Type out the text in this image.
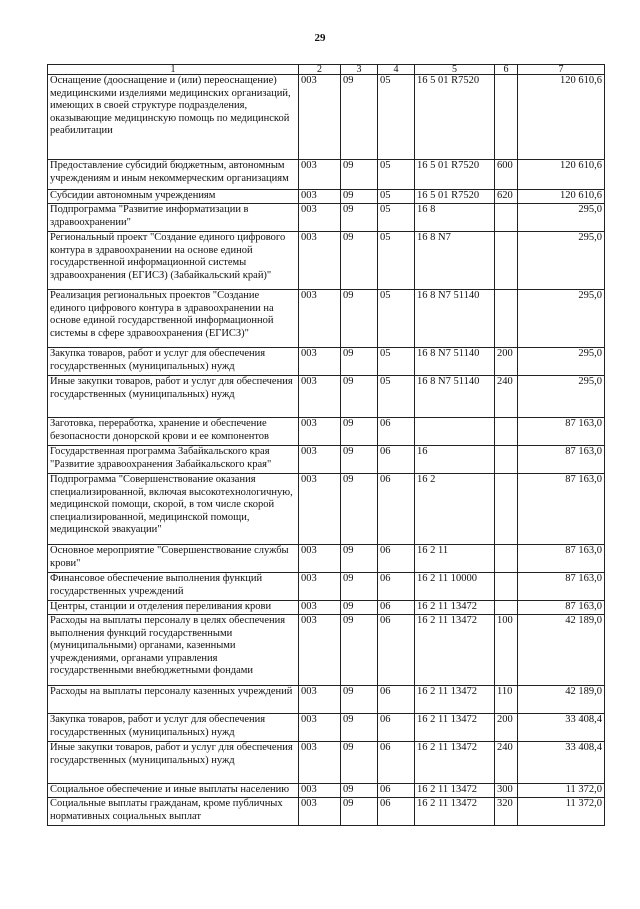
29
1	2	3	4	5	6	7
Оснащение (дооснащение и (или) переоснащение) медицинскими изделиями медицинских организаций, имеющих в своей структуре подразделения, оказывающие медицинскую помощь по медицинской реабилитации	003	09	05	16 5 01 R7520		120 610,6
Предоставление субсидий бюджетным, автономным учреждениям и иным некоммерческим организациям	003	09	05	16 5 01 R7520	600	120 610,6
Субсидии автономным учреждениям	003	09	05	16 5 01 R7520	620	120 610,6
Подпрограмма "Развитие информатизации в здравоохранении"	003	09	05	16 8		295,0
Региональный проект "Создание единого цифрового контура в здравоохранении на основе единой государственной информационной системы здравоохранения (ЕГИСЗ) (Забайкальский край)"	003	09	05	16 8 N7		295,0
Реализация региональных проектов "Создание единого цифрового контура в здравоохранении на основе единой государственной информационной системы в сфере здравоохранения (ЕГИСЗ)"	003	09	05	16 8 N7 51140		295,0
Закупка товаров, работ и услуг для обеспечения государственных (муниципальных) нужд	003	09	05	16 8 N7 51140	200	295,0
Иные закупки товаров, работ и услуг для обеспечения государственных (муниципальных) нужд	003	09	05	16 8 N7 51140	240	295,0
Заготовка, переработка, хранение и обеспечение безопасности донорской крови и ее компонентов	003	09	06			87 163,0
Государственная программа Забайкальского края "Развитие здравоохранения Забайкальского края"	003	09	06	16		87 163,0
Подпрограмма "Совершенствование оказания специализированной, включая высокотехнологичную, медицинской помощи, скорой, в том числе скорой специализированной, медицинской помощи, медицинской эвакуации"	003	09	06	16 2		87 163,0
Основное мероприятие "Совершенствование службы крови"	003	09	06	16 2 11		87 163,0
Финансовое обеспечение выполнения функций государственных учреждений	003	09	06	16 2 11 10000		87 163,0
Центры, станции и отделения переливания крови	003	09	06	16 2 11 13472		87 163,0
Расходы на выплаты персоналу в целях обеспечения выполнения функций государственными (муниципальными) органами, казенными учреждениями, органами управления государственными внебюджетными фондами	003	09	06	16 2 11 13472	100	42 189,0
Расходы на выплаты персоналу казенных учреждений	003	09	06	16 2 11 13472	110	42 189,0
Закупка товаров, работ и услуг для обеспечения государственных (муниципальных) нужд	003	09	06	16 2 11 13472	200	33 408,4
Иные закупки товаров, работ и услуг для обеспечения государственных (муниципальных) нужд	003	09	06	16 2 11 13472	240	33 408,4
Социальное обеспечение и иные выплаты населению	003	09	06	16 2 11 13472	300	11 372,0
Социальные выплаты гражданам, кроме публичных нормативных социальных выплат	003	09	06	16 2 11 13472	320	11 372,0
